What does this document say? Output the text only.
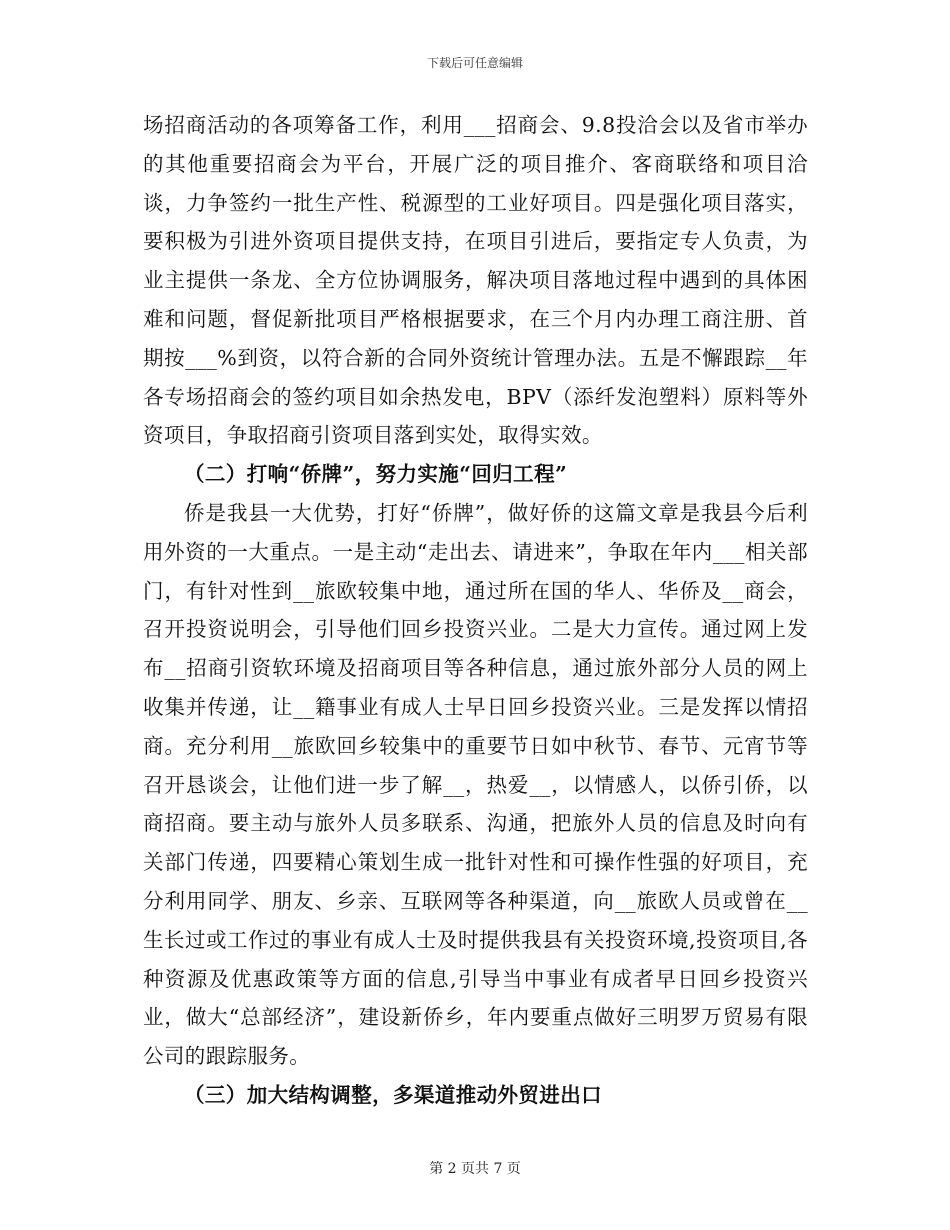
下载后可任意编辑

场招商活动的各项筹备工作，利用___招商会、9.8投洽会以及省市举办的其他重要招商会为平台，开展广泛的项目推介、客商联络和项目洽谈，力争签约一批生产性、税源型的工业好项目。四是强化项目落实，要积极为引进外资项目提供支持，在项目引进后，要指定专人负责，为业主提供一条龙、全方位协调服务，解决项目落地过程中遇到的具体困难和问题，督促新批项目严格根据要求，在三个月内办理工商注册、首期按___%到资，以符合新的合同外资统计管理办法。五是不懈跟踪__年各专场招商会的签约项目如余热发电，BPV（添纤发泡塑料）原料等外资项目，争取招商引资项目落到实处，取得实效。

（二）打响“侨牌”，努力实施“回归工程”

侨是我县一大优势，打好“侨牌”，做好侨的这篇文章是我县今后利用外资的一大重点。一是主动“走出去、请进来”，争取在年内___相关部门，有针对性到__旅欧较集中地，通过所在国的华人、华侨及__商会，召开投资说明会，引导他们回乡投资兴业。二是大力宣传。通过网上发布__招商引资软环境及招商项目等各种信息，通过旅外部分人员的网上收集并传递，让__籍事业有成人士早日回乡投资兴业。三是发挥以情招商。充分利用__旅欧回乡较集中的重要节日如中秋节、春节、元宵节等召开恳谈会，让他们进一步了解__，热爱__，以情感人，以侨引侨，以商招商。要主动与旅外人员多联系、沟通，把旅外人员的信息及时向有关部门传递，四要精心策划生成一批针对性和可操作性强的好项目，充分利用同学、朋友、乡亲、互联网等各种渠道，向__旅欧人员或曾在__生长过或工作过的事业有成人士及时提供我县有关投资环境,投资项目,各种资源及优惠政策等方面的信息,引导当中事业有成者早日回乡投资兴业，做大“总部经济”，建设新侨乡，年内要重点做好三明罗万贸易有限公司的跟踪服务。

（三）加大结构调整，多渠道推动外贸进出口

第 2 页共 7 页
